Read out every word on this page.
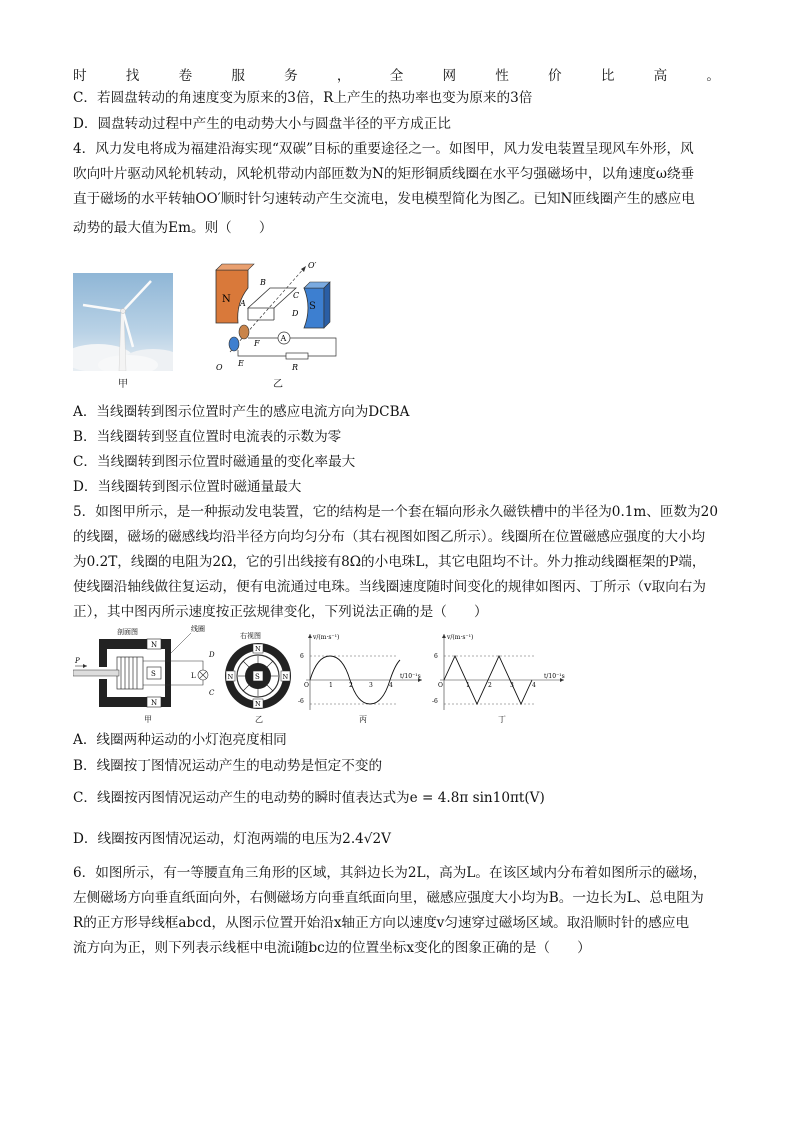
时	找	卷	服	务	，	全	网	性	价	比	高	。
C．若圆盘转动的角速度变为原来的3倍，R上产生的热功率也变为原来的3倍
D．圆盘转动过程中产生的电动势大小与圆盘半径的平方成正比
4．风力发电将成为福建沿海实现“双碳”目标的重要途径之一。如图甲，风力发电装置呈现风车外形，风
吹向叶片驱动风轮机转动，风轮机带动内部匝数为N的矩形铜质线圈在水平匀强磁场中，以角速度ω绕垂
直于磁场的水平转轴OO′顺时针匀速转动产生交流电，发电模型简化为图乙。已知N匝线圈产生的感应电
动势的最大值为Em。则（　　）
甲
N
S
O′
B
A
C
D
F
E
O
A
R
乙
A．当线圈转到图示位置时产生的感应电流方向为DCBA
B．当线圈转到竖直位置时电流表的示数为零
C．当线圈转到图示位置时磁通量的变化率最大
D．当线圈转到图示位置时磁通量最大
5．如图甲所示，是一种振动发电装置，它的结构是一个套在辐向形永久磁铁槽中的半径为0.1m、匝数为20
的线圈，磁场的磁感线均沿半径方向均匀分布（其右视图如图乙所示）。线圈所在位置磁感应强度的大小均
为0.2T，线圈的电阻为2Ω，它的引出线接有8Ω的小电珠L，其它电阻均不计。外力推动线圈框架的P端，
使线圈沿轴线做往复运动，便有电流通过电珠。当线圈速度随时间变化的规律如图丙、丁所示（v取向右为
正），其中图丙所示速度按正弦规律变化，下列说法正确的是（　　）
剖面图	线圈
N
N
S
P
L
D
C
甲
右视图
S
N
N
N	N
乙
v/(m·s⁻¹)
t/10⁻¹s
6
-6
O	1	2	3	4
丙
v/(m·s⁻¹)
t/10⁻¹s
6
-6
O	1	2	3	4
丁
A．线圈两种运动的小灯泡亮度相同
B．线圈按丁图情况运动产生的电动势是恒定不变的
C．线圈按丙图情况运动产生的电动势的瞬时值表达式为e = 4.8π sin10πt(V)
D．线圈按丙图情况运动，灯泡两端的电压为2.4√2V
6．如图所示，有一等腰直角三角形的区域，其斜边长为2L，高为L。在该区域内分布着如图所示的磁场，
左侧磁场方向垂直纸面向外，右侧磁场方向垂直纸面向里，磁感应强度大小均为B。一边长为L、总电阻为
R的正方形导线框abcd，从图示位置开始沿x轴正方向以速度v匀速穿过磁场区域。取沿顺时针的感应电
流方向为正，则下列表示线框中电流i随bc边的位置坐标x变化的图象正确的是（　　）
